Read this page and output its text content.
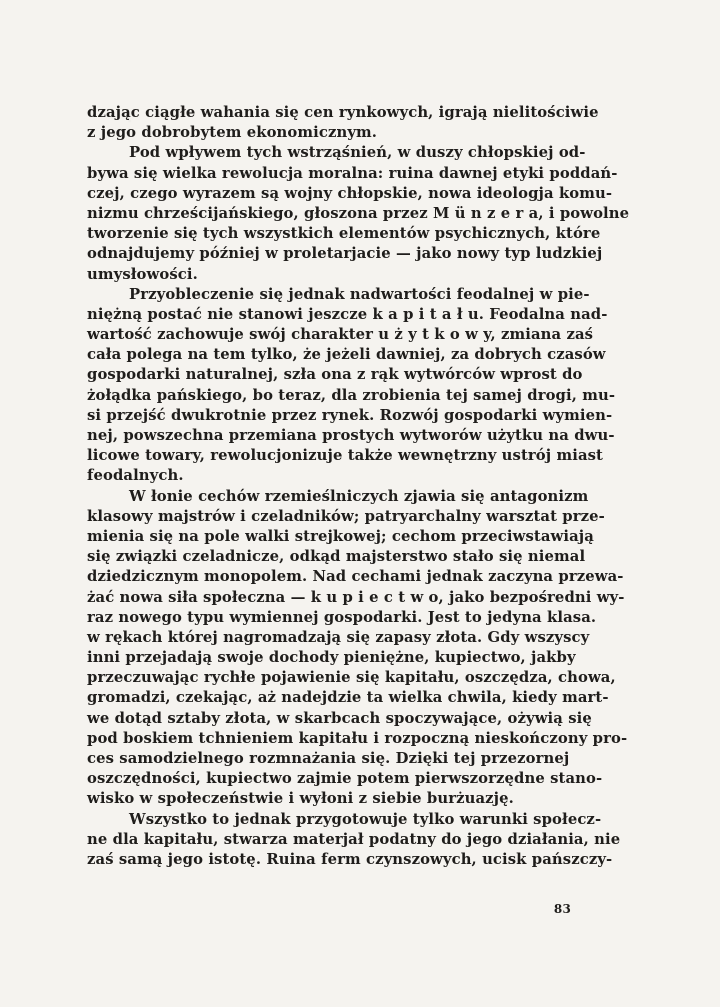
dzając ciągłe wahania się cen rynkowych, igrają nielitościwie
z jego dobrobytem ekonomicznym.
Pod wpływem tych wstrząśnień, w duszy chłopskiej od-
bywa się wielka rewolucja moralna: ruina dawnej etyki poddań-
czej, czego wyrazem są wojny chłopskie, nowa ideologja komu-
nizmu chrześcijańskiego, głoszona przez M ü n z e r a, i powolne
tworzenie się tych wszystkich elementów psychicznych, które
odnajdujemy później w proletarjacie — jako nowy typ ludzkiej
umysłowości.
Przyobleczenie się jednak nadwartości feodalnej w pie-
niężną postać nie stanowi jeszcze k a p i t a ł u. Feodalna nad-
wartość zachowuje swój charakter u ż y t k o w y, zmiana zaś
cała polega na tem tylko, że jeżeli dawniej, za dobrych czasów
gospodarki naturalnej, szła ona z rąk wytwórców wprost do
żołądka pańskiego, bo teraz, dla zrobienia tej samej drogi, mu-
si przejść dwukrotnie przez rynek. Rozwój gospodarki wymien-
nej, powszechna przemiana prostych wytworów użytku na dwu-
licowe towary, rewolucjonizuje także wewnętrzny ustrój miast
feodalnych.
W łonie cechów rzemieślniczych zjawia się antagonizm
klasowy majstrów i czeladników; patryarchalny warsztat prze-
mienia się na pole walki strejkowej; cechom przeciwstawiają
się związki czeladnicze, odkąd majsterstwo stało się niemal
dziedzicznym monopolem. Nad cechami jednak zaczyna przewa-
żać nowa siła społeczna — k u p i e c t w o, jako bezpośredni wy-
raz nowego typu wymiennej gospodarki. Jest to jedyna klasa.
w rękach której nagromadzają się zapasy złota. Gdy wszyscy
inni przejadają swoje dochody pieniężne, kupiectwo, jakby
przeczuwając rychłe pojawienie się kapitału, oszczędza, chowa,
gromadzi, czekając, aż nadejdzie ta wielka chwila, kiedy mart-
we dotąd sztaby złota, w skarbcach spoczywające, ożywią się
pod boskiem tchnieniem kapitału i rozpoczną nieskończony pro-
ces samodzielnego rozmnażania się. Dzięki tej przezornej
oszczędności, kupiectwo zajmie potem pierwszorzędne stano-
wisko w społeczeństwie i wyłoni z siebie burżuazję.
Wszystko to jednak przygotowuje tylko warunki społecz-
ne dla kapitału, stwarza materjał podatny do jego działania, nie
zaś samą jego istotę. Ruina ferm czynszowych, ucisk pańszczy-
83
